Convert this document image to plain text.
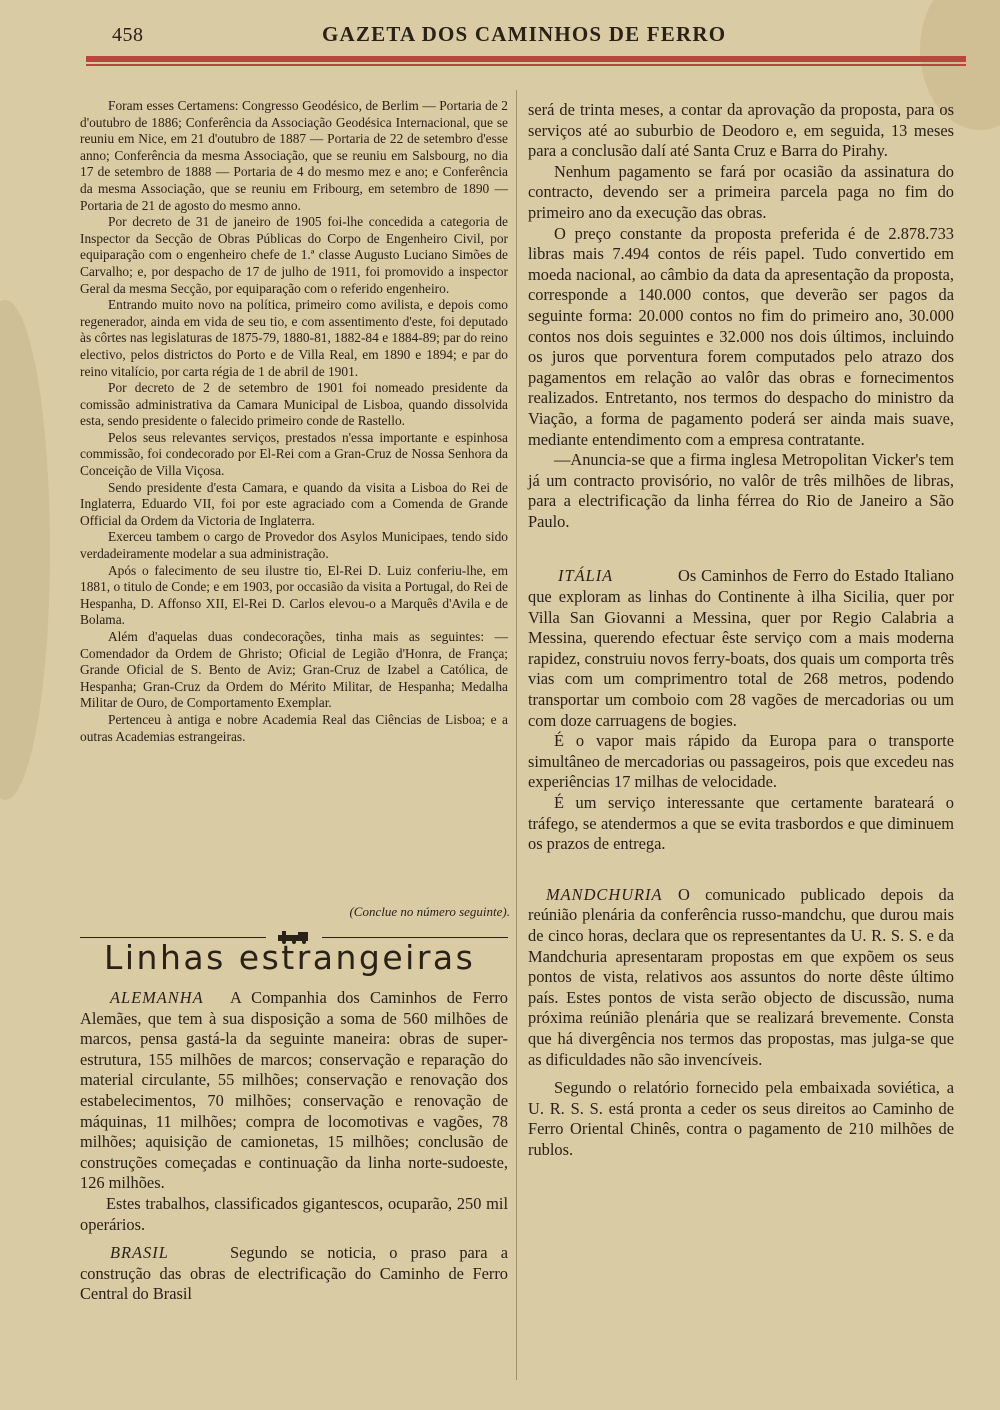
458	GAZETA DOS CAMINHOS DE FERRO

Foram esses Certamens: Congresso Geodésico, de Berlim — Portaria de 2 d'outubro de 1886; Conferência da Associação Geodésica Internacional, que se reuniu em Nice, em 21 d'outubro de 1887 — Portaria de 22 de setembro d'esse anno; Conferência da mesma Associação, que se reuniu em Salsbourg, no dia 17 de setembro de 1888 — Portaria de 4 do mesmo mez e ano; e Conferência da mesma Associação, que se reuniu em Fribourg, em setembro de 1890 — Portaria de 21 de agosto do mesmo anno.

Por decreto de 31 de janeiro de 1905 foi-lhe concedida a categoria de Inspector da Secção de Obras Públicas do Corpo de Engenheiro Civil, por equiparação com o engenheiro chefe de 1.ª classe Augusto Luciano Simões de Carvalho; e, por despacho de 17 de julho de 1911, foi promovido a inspector Geral da mesma Secção, por equiparação com o referido engenheiro.

Entrando muito novo na política, primeiro como avilista, e depois como regenerador, ainda em vida de seu tio, e com assentimento d'este, foi deputado às côrtes nas legislaturas de 1875-79, 1880-81, 1882-84 e 1884-89; par do reino electivo, pelos districtos do Porto e de Villa Real, em 1890 e 1894; e par do reino vitalício, por carta régia de 1 de abril de 1901.

Por decreto de 2 de setembro de 1901 foi nomeado presidente da comissão administrativa da Camara Municipal de Lisboa, quando dissolvida esta, sendo presidente o falecido primeiro conde de Rastello.

Pelos seus relevantes serviços, prestados n'essa importante e espinhosa commissão, foi condecorado por El-Rei com a Gran-Cruz de Nossa Senhora da Conceição de Villa Viçosa.

Sendo presidente d'esta Camara, e quando da visita a Lisboa do Rei de Inglaterra, Eduardo VII, foi por este agraciado com a Comenda de Grande Official da Ordem da Victoria de Inglaterra.

Exerceu tambem o cargo de Provedor dos Asylos Municipaes, tendo sido verdadeiramente modelar a sua administração.

Após o falecimento de seu ilustre tio, El-Rei D. Luiz conferiu-lhe, em 1881, o titulo de Conde; e em 1903, por occasião da visita a Portugal, do Rei de Hespanha, D. Affonso XII, El-Rei D. Carlos elevou-o a Marquês d'Avila e de Bolama.

Além d'aquelas duas condecorações, tinha mais as seguintes: — Comendador da Ordem de Ghristo; Oficial de Legião d'Honra, de França; Grande Oficial de S. Bento de Aviz; Gran-Cruz de Izabel a Católica, de Hespanha; Gran-Cruz da Ordem do Mérito Militar, de Hespanha; Medalha Militar de Ouro, de Comportamento Exemplar.

Pertenceu à antiga e nobre Academia Real das Ciências de Lisboa; e a outras Academias estrangeiras.

(Conclue no número seguinte).
Linhas estrangeiras
ALEMANHA	A Companhia dos Caminhos de Ferro Alemães, que tem à sua disposição a soma de 560 milhões de marcos, pensa gastá-la da seguinte maneira: obras de super-estrutura, 155 milhões de marcos; conservação e reparação do material circulante, 55 milhões; conservação e renovação dos estabelecimentos, 70 milhões; conservação e renovação de máquinas, 11 milhões; compra de locomotivas e vagões, 78 milhões; aquisição de camionetas, 15 milhões; conclusão de construções começadas e continuação da linha norte-sudoeste, 126 milhões.

Estes trabalhos, classificados gigantescos, ocuparão, 250 mil operários.

BRASIL	Segundo se noticia, o praso para a construção das obras de electrificação do Caminho de Ferro Central do Brasil

será de trinta meses, a contar da aprovação da proposta, para os serviços até ao suburbio de Deodoro e, em seguida, 13 meses para a conclusão dalí até Santa Cruz e Barra do Pirahy.

Nenhum pagamento se fará por ocasião da assinatura do contracto, devendo ser a primeira parcela paga no fim do primeiro ano da execução das obras.

O preço constante da proposta preferida é de 2.878.733 libras mais 7.494 contos de réis papel. Tudo convertido em moeda nacional, ao câmbio da data da apresentação da proposta, corresponde a 140.000 contos, que deverão ser pagos da seguinte forma: 20.000 contos no fim do primeiro ano, 30.000 contos nos dois seguintes e 32.000 nos dois últimos, incluindo os juros que porventura forem computados pelo atrazo dos pagamentos em relação ao valôr das obras e fornecimentos realizados. Entretanto, nos termos do despacho do ministro da Viação, a forma de pagamento poderá ser ainda mais suave, mediante entendimento com a empresa contratante.

—Anuncia-se que a firma inglesa Metropolitan Vicker's tem já um contracto provisório, no valôr de três milhões de libras, para a electrificação da linha férrea do Rio de Janeiro a São Paulo.

ITÁLIA	Os Caminhos de Ferro do Estado Italiano que exploram as linhas do Continente à ilha Sicilia, quer por Villa San Giovanni a Messina, quer por Regio Calabria a Messina, querendo efectuar êste serviço com a mais moderna rapidez, construiu novos ferry-boats, dos quais um comporta três vias com um comprimentro total de 268 metros, podendo transportar um comboio com 28 vagões de mercadorias ou um com doze carruagens de bogies.

É o vapor mais rápido da Europa para o transporte simultâneo de mercadorias ou passageiros, pois que excedeu nas experiências 17 milhas de velocidade.

É um serviço interessante que certamente barateará o tráfego, se atendermos a que se evita trasbordos e que diminuem os prazos de entrega.

MANDCHURIA O comunicado publicado depois da reúnião plenária da conferência russo-mandchu, que durou mais de cinco horas, declara que os representantes da U. R. S. S. e da Mandchuria apresentaram propostas em que expõem os seus pontos de vista, relativos aos assuntos do norte dêste último país. Estes pontos de vista serão objecto de discussão, numa próxima reúnião plenária que se realizará brevemente. Consta que há divergência nos termos das propostas, mas julga-se que as dificuldades não são invencíveis.

Segundo o relatório fornecido pela embaixada soviética, a U. R. S. S. está pronta a ceder os seus direitos ao Caminho de Ferro Oriental Chinês, contra o pagamento de 210 milhões de rublos.
